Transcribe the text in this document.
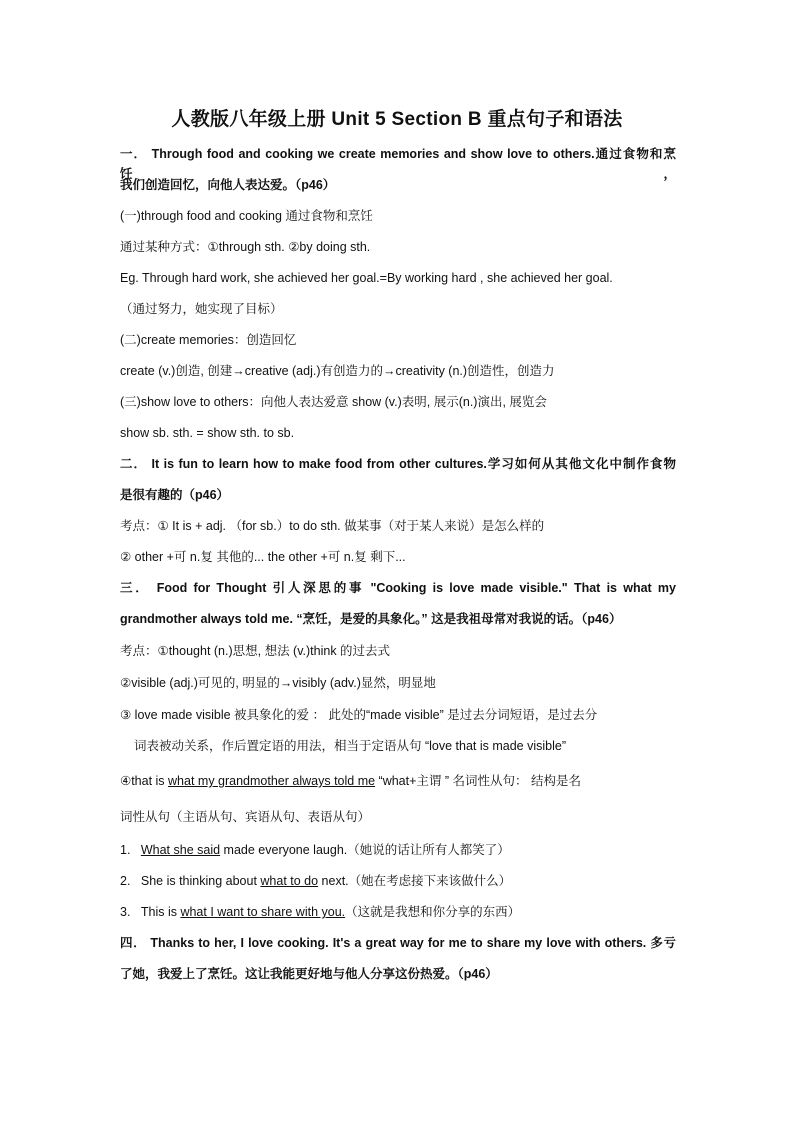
人教版八年级上册 Unit 5 Section B 重点句子和语法
一． Through food and cooking we create memories and show love to others.通过食物和烹饪，
我们创造回忆，向他人表达爱。（p46）
(一)through food and cooking 通过食物和烹饪
通过某种方式：①through sth. ②by doing sth.
Eg. Through hard work, she achieved her goal.=By working hard , she achieved her goal.
（通过努力，她实现了目标）
(二)create memories：创造回忆
create (v.)创造, 创建→creative (adj.)有创造力的→creativity (n.)创造性，创造力
(三)show love to others：向他人表达爱意 show (v.)表明, 展示(n.)演出, 展览会
show sb. sth. = show sth. to sb.
二． It is fun to learn how to make food from other cultures.学习如何从其他文化中制作食物
是很有趣的（p46）
考点：① It is + adj. （for sb.）to do sth. 做某事（对于某人来说）是怎么样的
② other +可 n.复 其他的... the other +可 n.复 剩下...
三． Food for Thought 引人深思的事 "Cooking is love made visible." That is what my
grandmother always told me. “烹饪，是爱的具象化。” 这是我祖母常对我说的话。（p46）
考点：①thought (n.)思想, 想法 (v.)think 的过去式
②visible (adj.)可见的, 明显的→visibly (adv.)显然，明显地
③ love made visible 被具象化的爱 ： 此处的“made visible” 是过去分词短语，是过去分
词表被动关系，作后置定语的用法，相当于定语从句 “love that is made visible”
④that is what my grandmother always told me “what+主谓 ” 名词性从句： 结构是名
词性从句（主语从句、宾语从句、表语从句）
1. What she said made everyone laugh.（她说的话让所有人都笑了）
2. She is thinking about what to do next.（她在考虑接下来该做什么）
3. This is what I want to share with you.（这就是我想和你分享的东西）
四． Thanks to her, I love cooking. It's a great way for me to share my love with others. 多亏
了她，我爱上了烹饪。这让我能更好地与他人分享这份热爱。（p46）
